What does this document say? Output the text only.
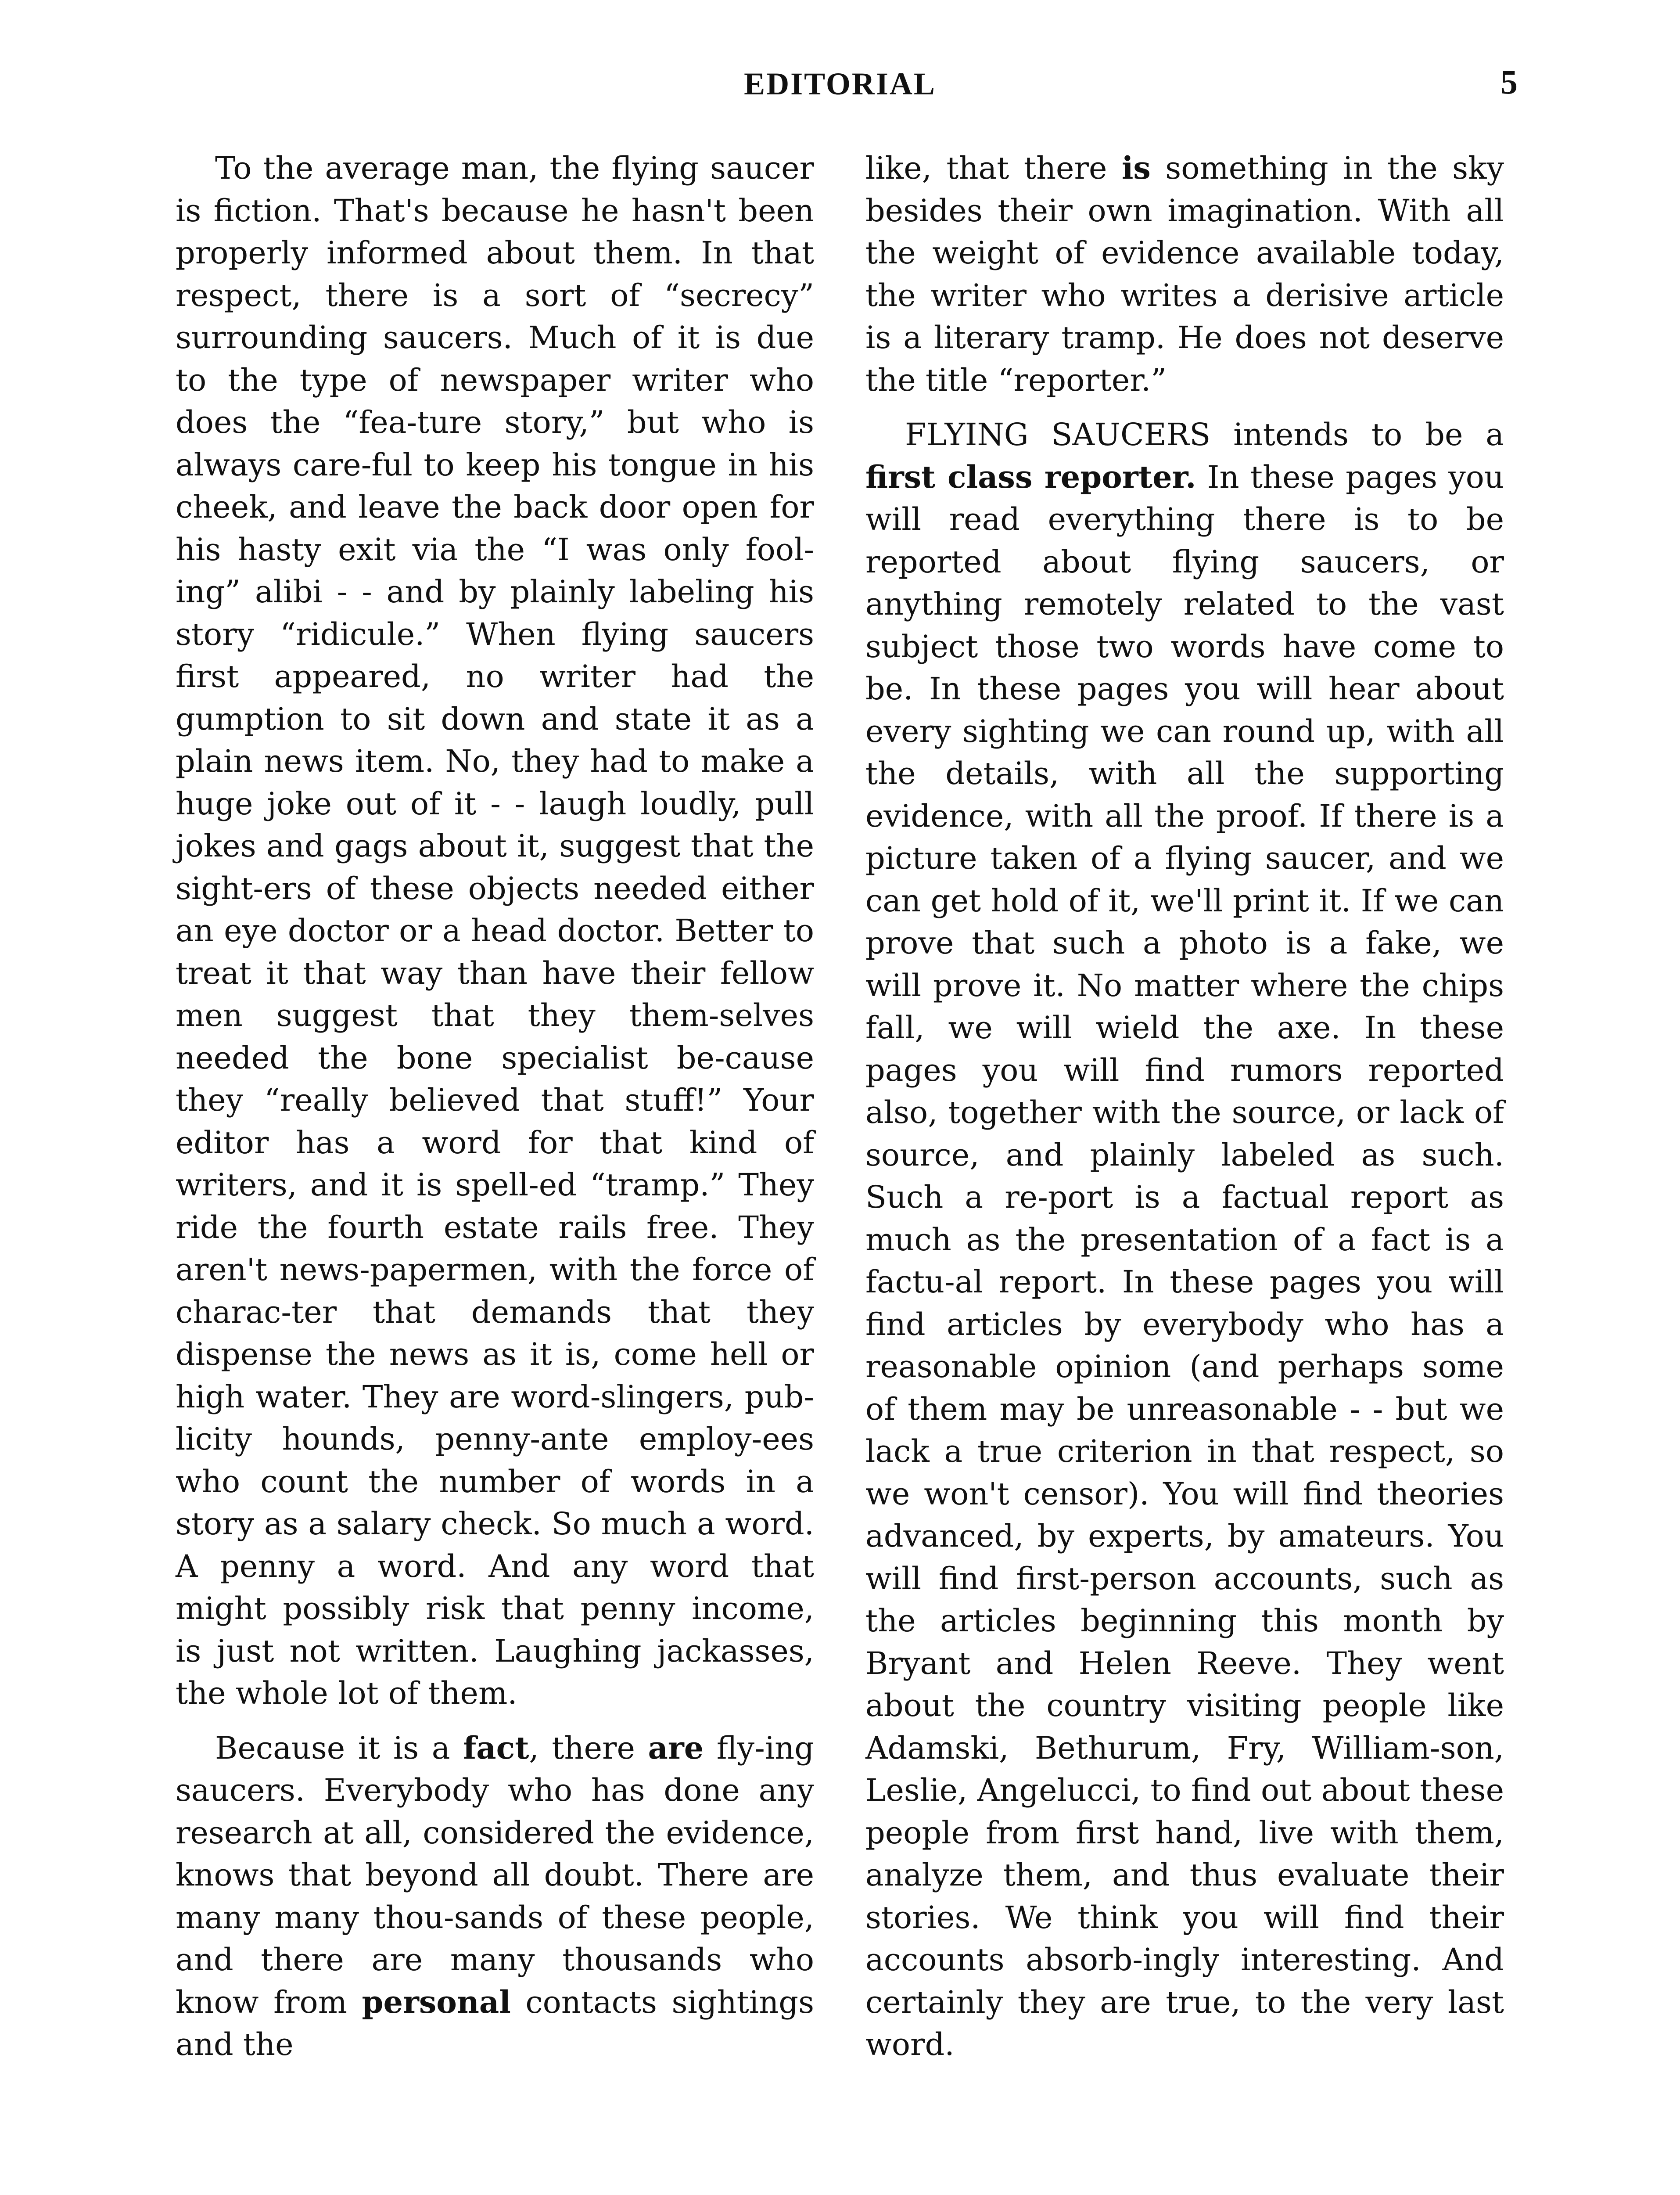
EDITORIAL	5

To the average man, the flying saucer is fiction. That's because he hasn't been properly informed about them. In that respect, there is a sort of “secrecy” surrounding saucers. Much of it is due to the type of newspaper writer who does the “fea-ture story,” but who is always care-ful to keep his tongue in his cheek, and leave the back door open for his hasty exit via the “I was only fool-ing” alibi - - and by plainly labeling his story “ridicule.” When flying saucers first appeared, no writer had the gumption to sit down and state it as a plain news item. No, they had to make a huge joke out of it - - laugh loudly, pull jokes and gags about it, suggest that the sight-ers of these objects needed either an eye doctor or a head doctor. Better to treat it that way than have their fellow men suggest that they them-selves needed the bone specialist be-cause they “really believed that stuff!” Your editor has a word for that kind of writers, and it is spell-ed “tramp.” They ride the fourth estate rails free. They aren't news-papermen, with the force of charac-ter that demands that they dispense the news as it is, come hell or high water. They are word-slingers, pub-licity hounds, penny-ante employ-ees who count the number of words in a story as a salary check. So much a word. A penny a word. And any word that might possibly risk that penny income, is just not written. Laughing jackasses, the whole lot of them.

Because it is a fact, there are fly-ing saucers. Everybody who has done any research at all, considered the evidence, knows that beyond all doubt. There are many many thou-sands of these people, and there are many thousands who know from personal contacts sightings and the

like, that there is something in the sky besides their own imagination. With all the weight of evidence available today, the writer who writes a derisive article is a literary tramp. He does not deserve the title “reporter.”

FLYING SAUCERS intends to be a first class reporter. In these pages you will read everything there is to be reported about flying saucers, or anything remotely related to the vast subject those two words have come to be. In these pages you will hear about every sighting we can round up, with all the details, with all the supporting evidence, with all the proof. If there is a picture taken of a flying saucer, and we can get hold of it, we'll print it. If we can prove that such a photo is a fake, we will prove it. No matter where the chips fall, we will wield the axe. In these pages you will find rumors reported also, together with the source, or lack of source, and plainly labeled as such. Such a re-port is a factual report as much as the presentation of a fact is a factu-al report. In these pages you will find articles by everybody who has a reasonable opinion (and perhaps some of them may be unreasonable - - but we lack a true criterion in that respect, so we won't censor). You will find theories advanced, by experts, by amateurs. You will find first-person accounts, such as the articles beginning this month by Bryant and Helen Reeve. They went about the country visiting people like Adamski, Bethurum, Fry, William-son, Leslie, Angelucci, to find out about these people from first hand, live with them, analyze them, and thus evaluate their stories. We think you will find their accounts absorb-ingly interesting. And certainly they are true, to the very last word.
